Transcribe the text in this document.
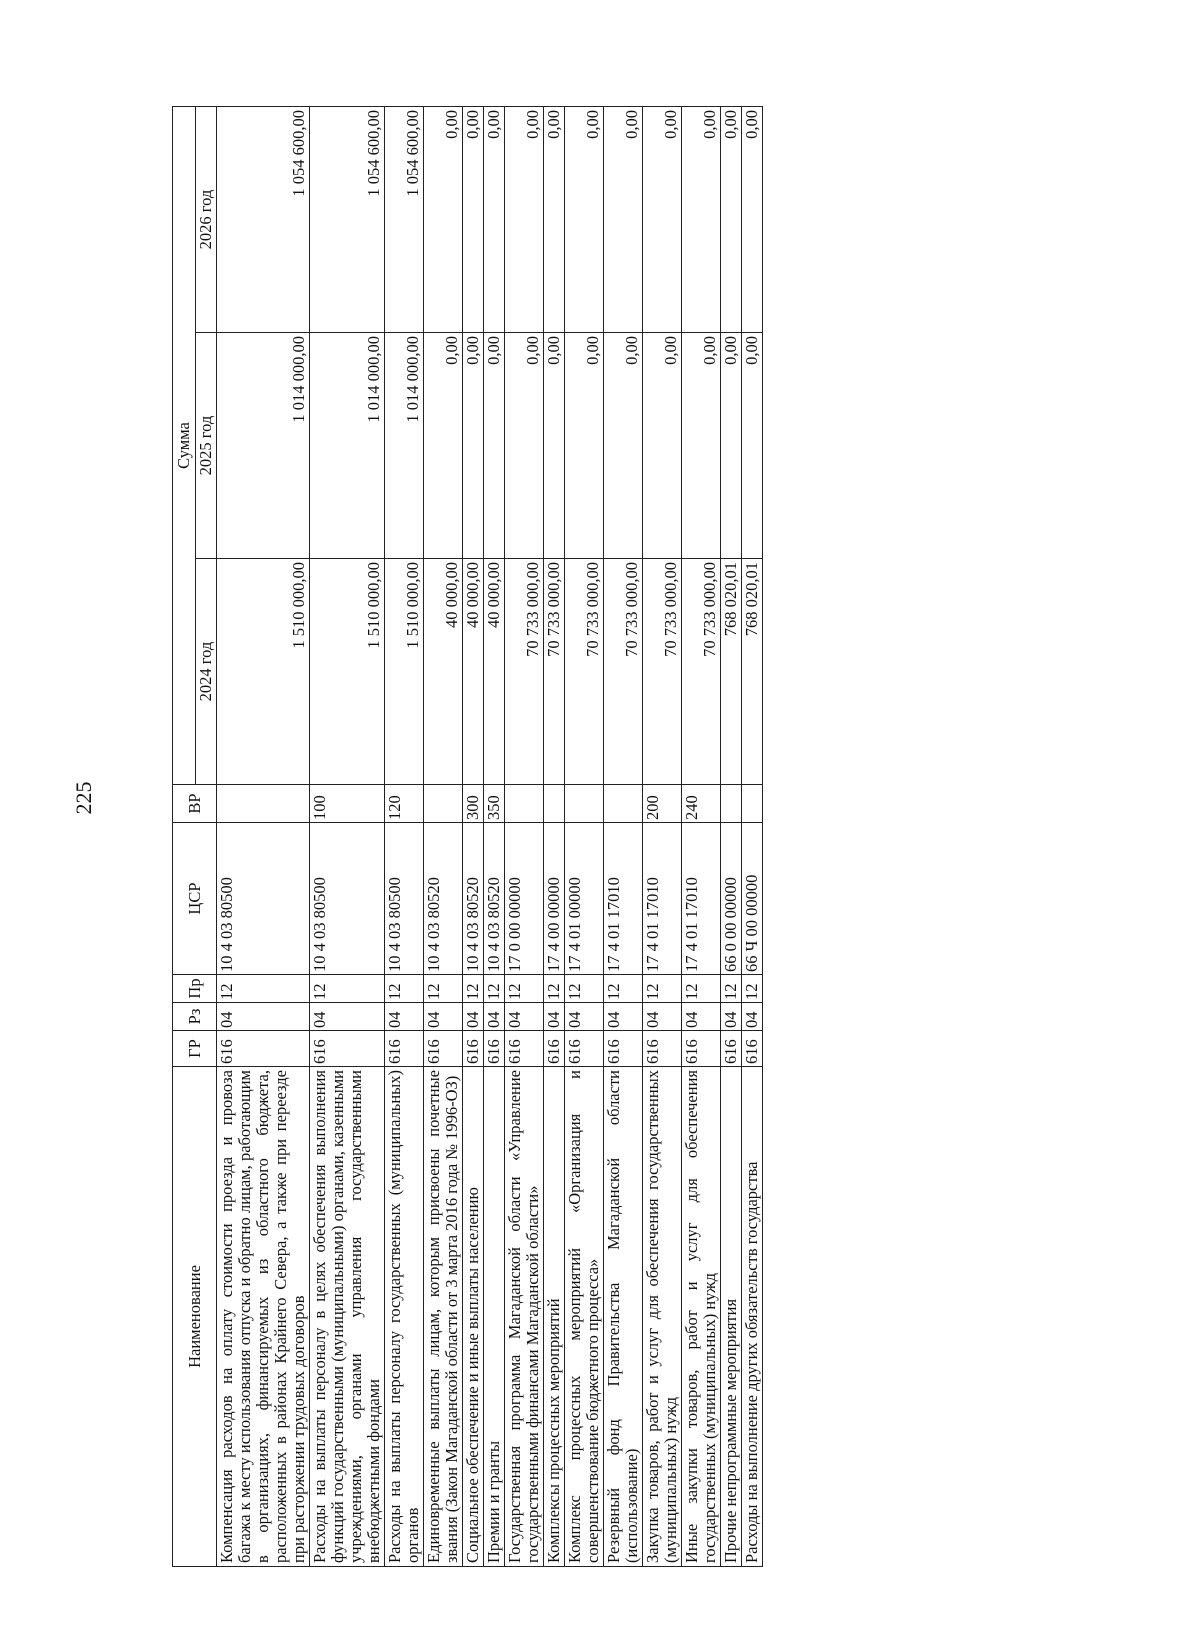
225
Наименование	ГР	Рз	Пр	ЦСР	ВР	Сумма		
						2024 год	2025 год	2026 год
Компенсация расходов на оплату стоимости проезда и провоза багажа к месту использования отпуска и обратно лицам, работающим в организациях, финансируемых из областного бюджета, расположенных в районах Крайнего Севера, а также при переезде при расторжении трудовых договоров	616	04	12	10 4 03 80500		1 510 000,00	1 014 000,00	1 054 600,00
Расходы на выплаты персоналу в целях обеспечения выполнения функций государственными (муниципальными) органами, казенными учреждениями, органами управления государственными внебюджетными фондами	616	04	12	10 4 03 80500	100	1 510 000,00	1 014 000,00	1 054 600,00
Расходы на выплаты персоналу государственных (муниципальных) органов	616	04	12	10 4 03 80500	120	1 510 000,00	1 014 000,00	1 054 600,00
Единовременные выплаты лицам, которым присвоены почетные звания (Закон Магаданской области от 3 марта 2016 года № 1996-ОЗ)	616	04	12	10 4 03 80520		40 000,00	0,00	0,00
Социальное обеспечение и иные выплаты населению	616	04	12	10 4 03 80520	300	40 000,00	0,00	0,00
Премии и гранты	616	04	12	10 4 03 80520	350	40 000,00	0,00	0,00
Государственная программа Магаданской области «Управление государственными финансами Магаданской области»	616	04	12	17 0 00 00000		70 733 000,00	0,00	0,00
Комплексы процессных мероприятий	616	04	12	17 4 00 00000		70 733 000,00	0,00	0,00
Комплекс процессных мероприятий «Организация и совершенствование бюджетного процесса»	616	04	12	17 4 01 00000		70 733 000,00	0,00	0,00
Резервный фонд Правительства Магаданской области (использование)	616	04	12	17 4 01 17010		70 733 000,00	0,00	0,00
Закупка товаров, работ и услуг для обеспечения государственных (муниципальных) нужд	616	04	12	17 4 01 17010	200	70 733 000,00	0,00	0,00
Иные закупки товаров, работ и услуг для обеспечения государственных (муниципальных) нужд	616	04	12	17 4 01 17010	240	70 733 000,00	0,00	0,00
Прочие непрограммные мероприятия	616	04	12	66 0 00 00000		768 020,01	0,00	0,00
Расходы на выполнение других обязательств государства	616	04	12	66 Ч 00 00000		768 020,01	0,00	0,00
